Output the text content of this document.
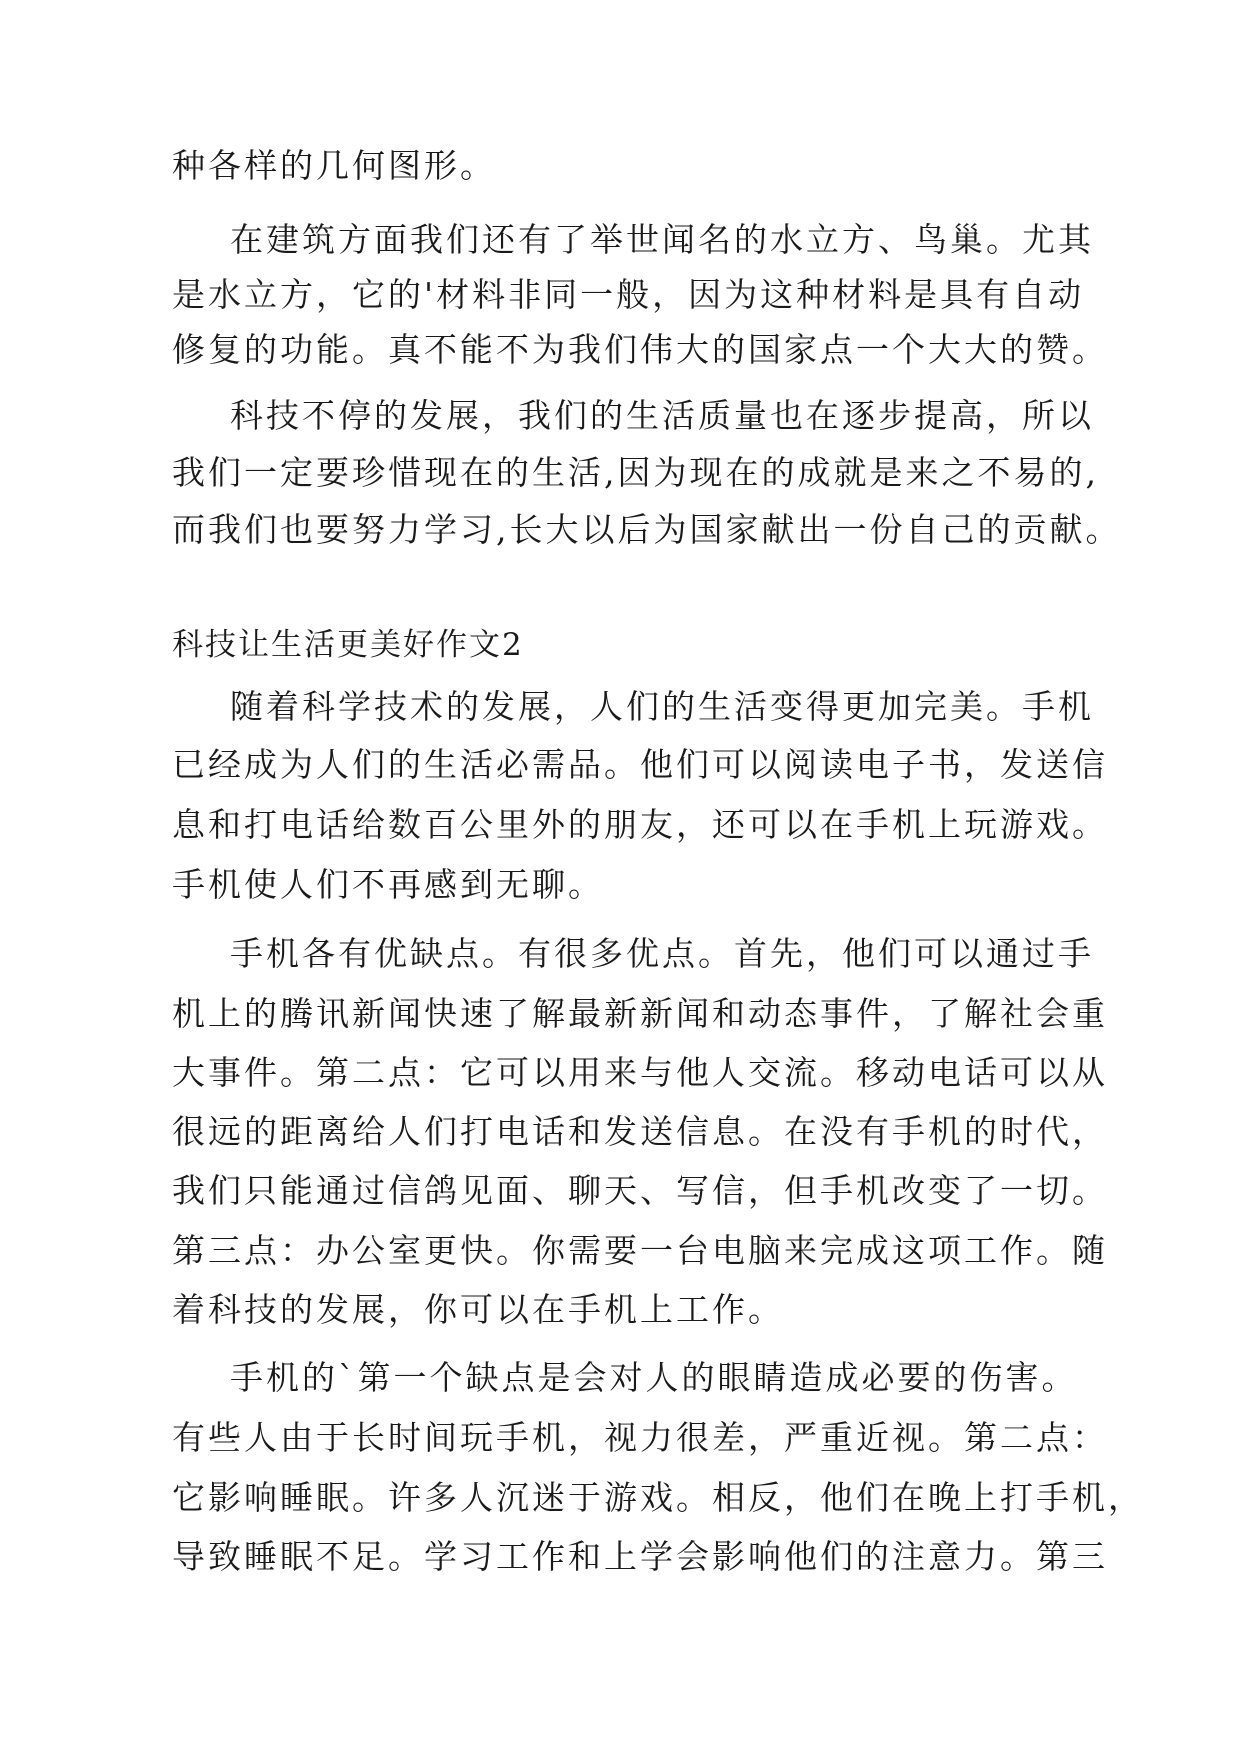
种各样的几何图形。

在建筑方面我们还有了举世闻名的水立方、鸟巢。尤其

是水立方，它的'材料非同一般，因为这种材料是具有自动

修复的功能。真不能不为我们伟大的国家点一个大大的赞。

科技不停的发展，我们的生活质量也在逐步提高，所以

我们一定要珍惜现在的生活,因为现在的成就是来之不易的,

而我们也要努力学习,长大以后为国家献出一份自己的贡献。

科技让生活更美好作文2

随着科学技术的发展，人们的生活变得更加完美。手机

已经成为人们的生活必需品。他们可以阅读电子书，发送信

息和打电话给数百公里外的朋友，还可以在手机上玩游戏。

手机使人们不再感到无聊。

手机各有优缺点。有很多优点。首先，他们可以通过手

机上的腾讯新闻快速了解最新新闻和动态事件，了解社会重

大事件。第二点：它可以用来与他人交流。移动电话可以从

很远的距离给人们打电话和发送信息。在没有手机的时代，

我们只能通过信鸽见面、聊天、写信，但手机改变了一切。

第三点：办公室更快。你需要一台电脑来完成这项工作。随

着科技的发展，你可以在手机上工作。

手机的`第一个缺点是会对人的眼睛造成必要的伤害。

有些人由于长时间玩手机，视力很差，严重近视。第二点：

它影响睡眠。许多人沉迷于游戏。相反，他们在晚上打手机，

导致睡眠不足。学习工作和上学会影响他们的注意力。第三
